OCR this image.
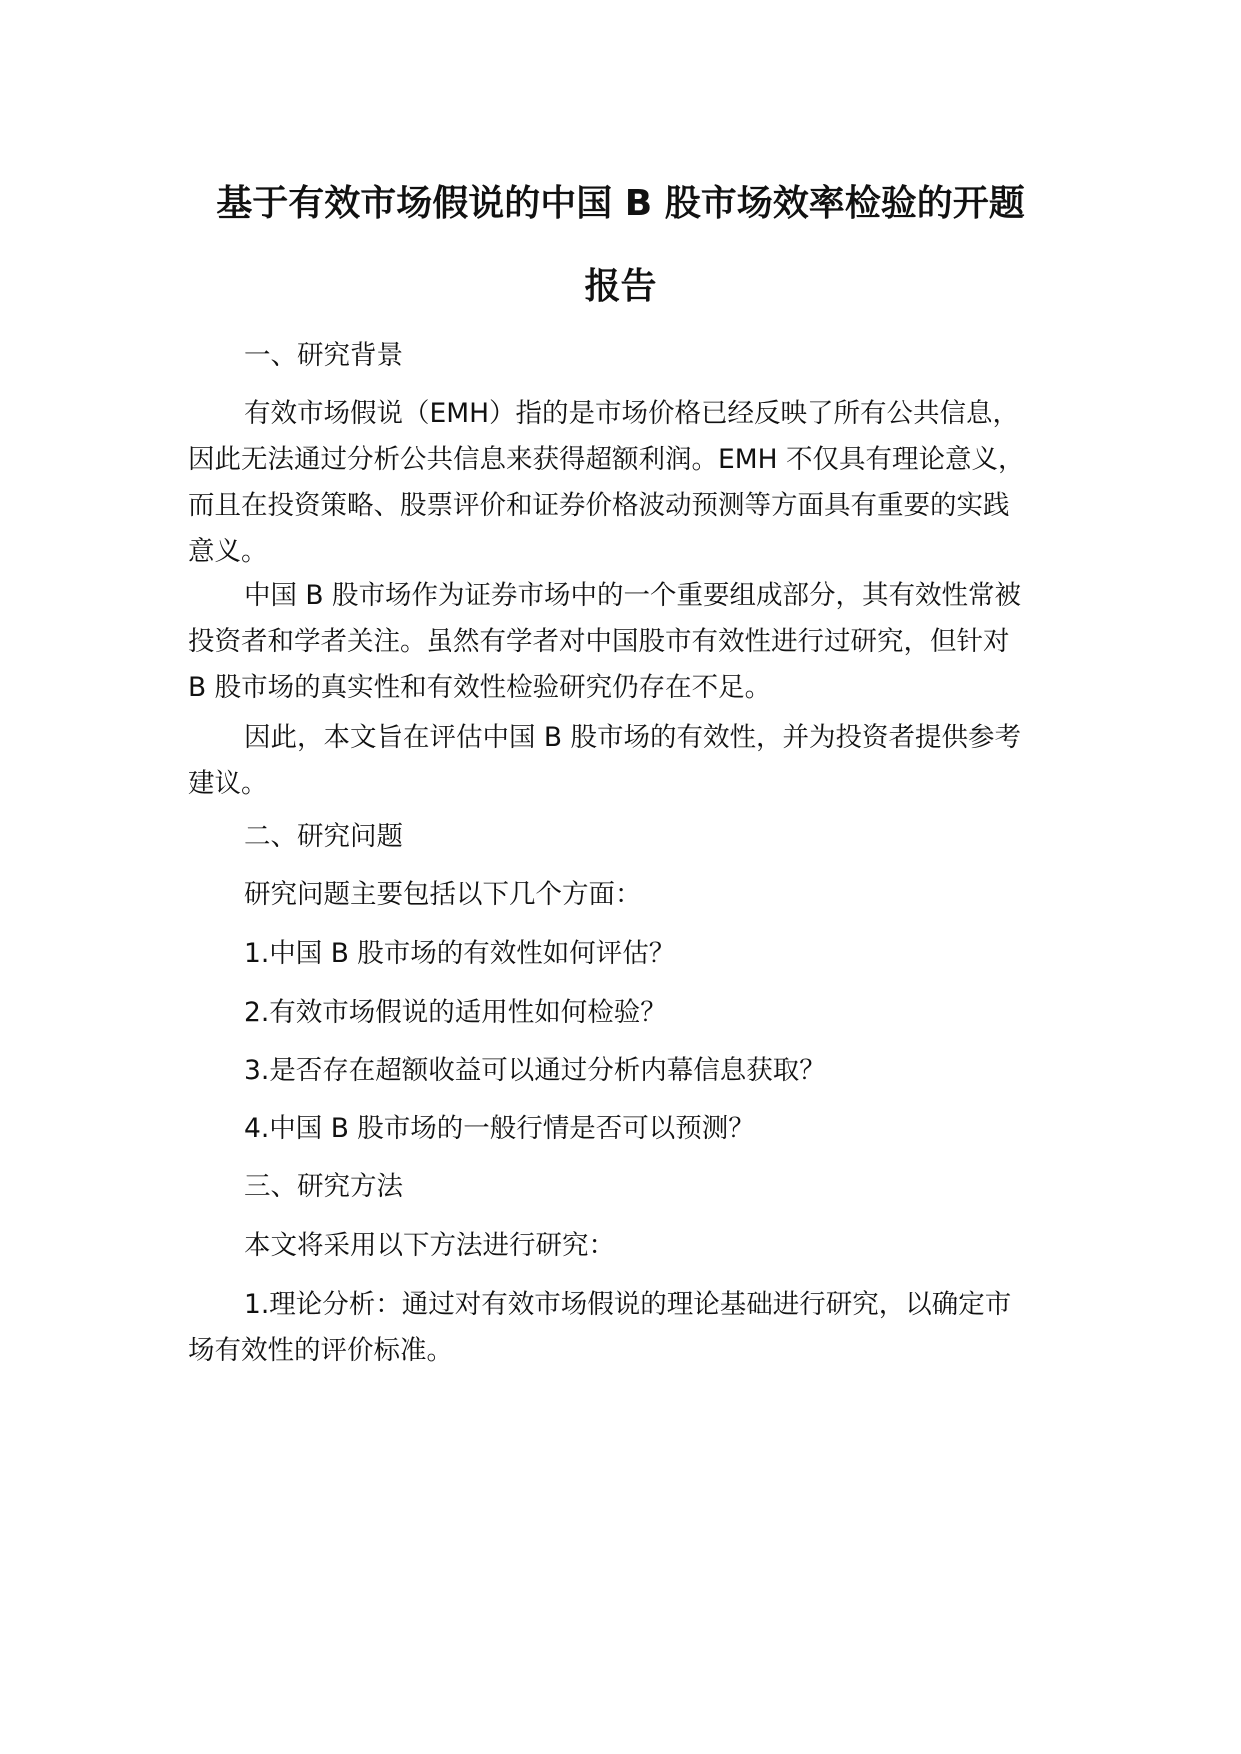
基于有效市场假说的中国 B 股市场效率检验的开题
报告
一、研究背景
有效市场假说（EMH）指的是市场价格已经反映了所有公共信息，
因此无法通过分析公共信息来获得超额利润。EMH 不仅具有理论意义，
而且在投资策略、股票评价和证券价格波动预测等方面具有重要的实践
意义。
中国 B 股市场作为证券市场中的一个重要组成部分，其有效性常被
投资者和学者关注。虽然有学者对中国股市有效性进行过研究，但针对
B 股市场的真实性和有效性检验研究仍存在不足。
因此，本文旨在评估中国 B 股市场的有效性，并为投资者提供参考
建议。
二、研究问题
研究问题主要包括以下几个方面：
1.中国 B 股市场的有效性如何评估？
2.有效市场假说的适用性如何检验？
3.是否存在超额收益可以通过分析内幕信息获取？
4.中国 B 股市场的一般行情是否可以预测？
三、研究方法
本文将采用以下方法进行研究：
1.理论分析：通过对有效市场假说的理论基础进行研究，以确定市
场有效性的评价标准。
